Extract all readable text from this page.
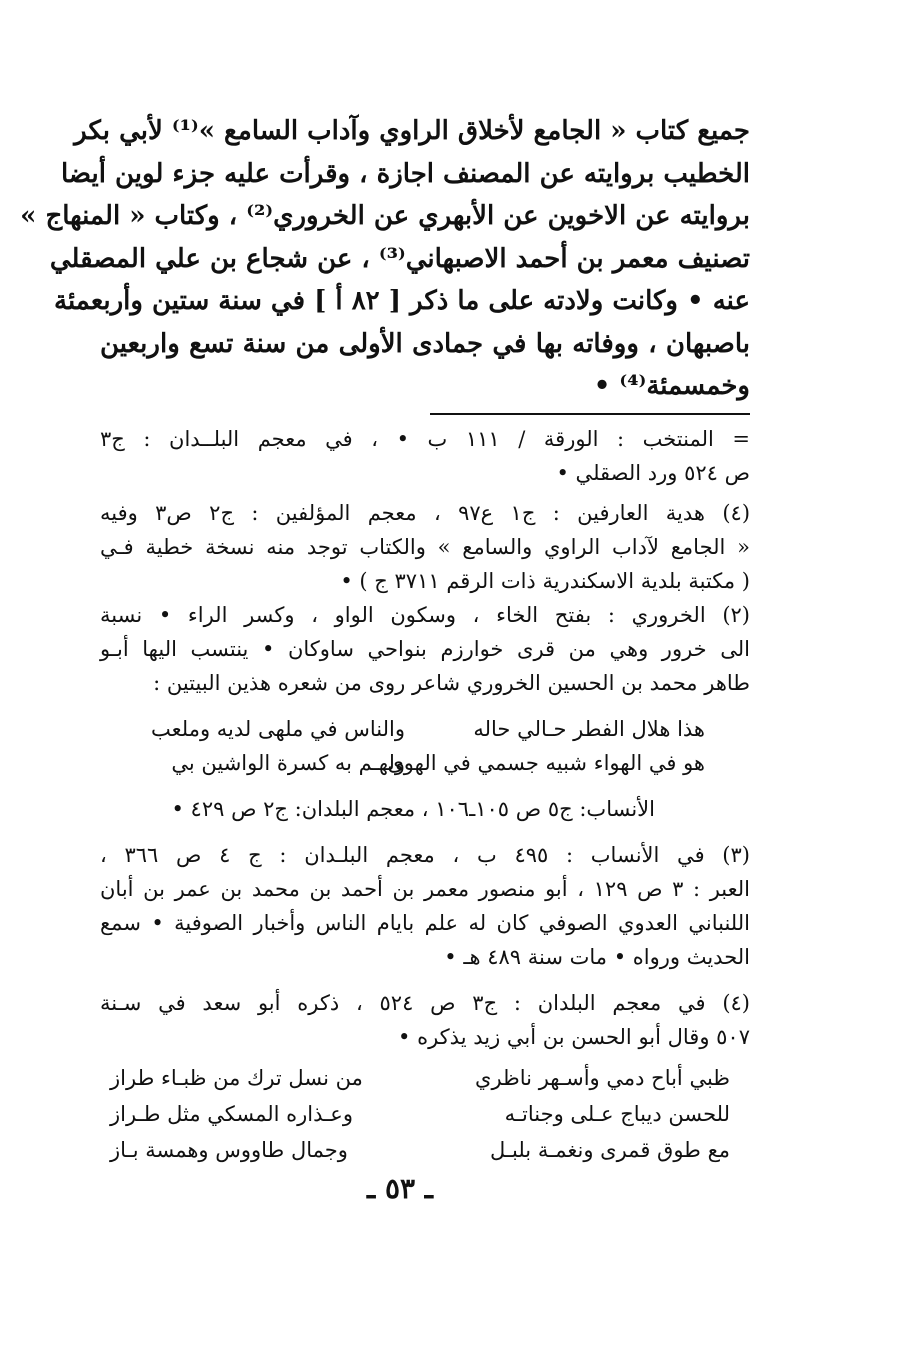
جميع كتاب « الجامع لأخلاق الراوي وآداب السامع »⁽¹⁾ لأبي بكر
الخطيب بروايته عن المصنف اجازة ، وقرأت عليه جزء لوين أيضا
بروايته عن الاخوين عن الأبهري عن الخروري⁽²⁾ ، وكتاب « المنهاج »
تصنيف معمر بن أحمد الاصبهاني⁽³⁾ ، عن شجاع بن علي المصقلي
عنه • وكانت ولادته على ما ذكر [ ٨٢ أ ] في سنة ستين وأربعمئة
باصبهان ، ووفاته بها في جمادى الأولى من سنة تسع واربعين
وخمسمئة⁽⁴⁾ •
= المنتخب : الورقة / ١١١ ب • ، في معجم البلــدان : ج٣
ص ٥٢٤ ورد الصقلي •
(٤) هدية العارفين : ج١ ع٩٧ ، معجم المؤلفين : ج٢ ص٣ وفيه
« الجامع لآداب الراوي والسامع » والكتاب توجد منه نسخة خطية فـي
( مكتبة بلدية الاسكندرية ذات الرقم ٣٧١١ ج ) •
(٢) الخروري : بفتح الخاء ، وسكون الواو ، وكسر الراء • نسبة
الى خرور وهي من قرى خوارزم بنواحي ساوكان • ينتسب اليها أبـو
طاهر محمد بن الحسين الخروري شاعر روى من شعره هذين البيتين :
هذا هلال الفطر حـالي حاله
والناس في ملهى لديه وملعب
هو في الهواء شبيه جسمي في الهوى
ولهـم به كسرة الواشين بي
الأنساب: ج٥ ص ١٠٥ـ١٠٦ ، معجم البلدان: ج٢ ص ٤٢٩ •
(٣) في الأنساب : ٤٩٥ ب ، معجم البلـدان : ج ٤ ص ٣٦٦ ،
العبر : ٣ ص ١٢٩ ، أبو منصور معمر بن أحمد بن محمد بن عمر بن أبان
اللنباني العدوي الصوفي كان له علم بايام الناس وأخبار الصوفية • سمع
الحديث ورواه • مات سنة ٤٨٩ هـ •
(٤) في معجم البلدان : ج٣ ص ٥٢٤ ، ذكره أبو سعد في سـنة
٥٠٧ وقال أبو الحسن بن أبي زيد يذكره •
ظبي أباح دمي وأسـهر ناظري
من نسل ترك من ظبـاء طراز
للحسن ديباج عـلى وجناتـه
وعـذاره المسكي مثل طـراز
مع طوق قمرى ونغمـة بلبـل
وجمال طاووس وهمسة بـاز
ـ ٥٣ ـ
